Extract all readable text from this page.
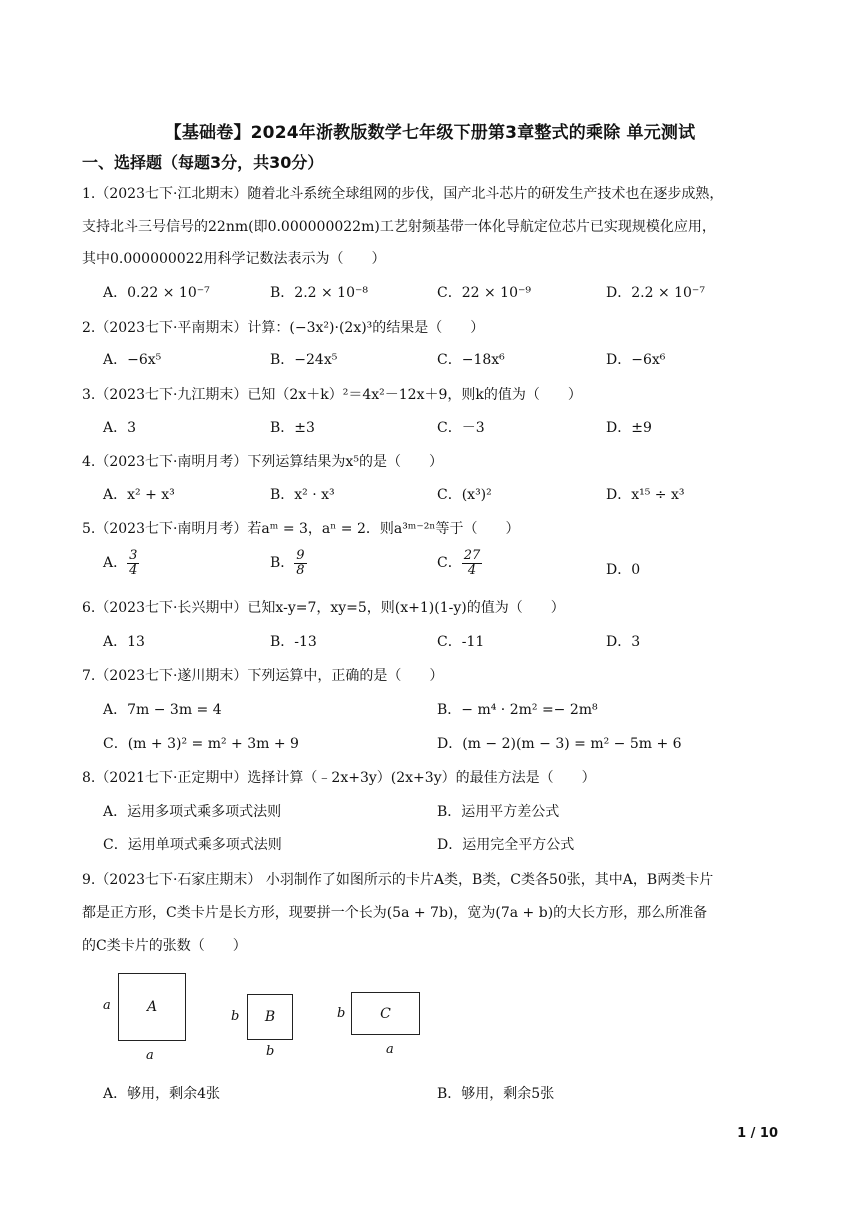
【基础卷】2024年浙教版数学七年级下册第3章整式的乘除 单元测试
一、选择题（每题3分，共30分）
1.（2023七下·江北期末）随着北斗系统全球组网的步伐，国产北斗芯片的研发生产技术也在逐步成熟，
支持北斗三号信号的22nm(即0.000000022m)工艺射频基带一体化导航定位芯片已实现规模化应用，
其中0.000000022用科学记数法表示为（　　）
A．0.22 × 10⁻⁷	B．2.2 × 10⁻⁸	C．22 × 10⁻⁹	D．2.2 × 10⁻⁷
2.（2023七下·平南期末）计算：(−3x²)·(2x)³的结果是（　　）
A．−6x⁵	B．−24x⁵	C．−18x⁶	D．−6x⁶
3.（2023七下·九江期末）已知（2x＋k）²＝4x²－12x＋9，则k的值为（　　）
A．3	B．±3	C．－3	D．±9
4.（2023七下·南明月考）下列运算结果为x⁵的是（　　）
A．x² + x³	B．x² · x³	C．(x³)²	D．x¹⁵ ÷ x³
5.（2023七下·南明月考）若aᵐ = 3，aⁿ = 2．则a³ᵐ⁻²ⁿ等于（　　）
A． $\frac{3}{4}$	B． $\frac{9}{8}$	C． $\frac{27}{4}$	D．0
6.（2023七下·长兴期中）已知x-y=7，xy=5，则(x+1)(1-y)的值为（　　）
A．13	B．-13	C．-11	D．3
7.（2023七下·遂川期末）下列运算中，正确的是（　　）
A．7m − 3m = 4	B．− m⁴ · 2m² =− 2m⁸
C．(m + 3)² = m² + 3m + 9	D．(m − 2)(m − 3) = m² − 5m + 6
8.（2021七下·正定期中）选择计算（﹣2x+3y）(2x+3y）的最佳方法是（　　）
A．运用多项式乘多项式法则	B．运用平方差公式
C．运用单项式乘多项式法则	D．运用完全平方公式
9.（2023七下·石家庄期末） 小羽制作了如图所示的卡片A类，B类，C类各50张，其中A，B两类卡片
都是正方形，C类卡片是长方形，现要拼一个长为(5a + 7b)，宽为(7a + b)的大长方形，那么所准备
的C类卡片的张数（　　）
A
a
a
B
b
b
C
b
a
A．够用，剩余4张	B．够用，剩余5张
1 / 10
